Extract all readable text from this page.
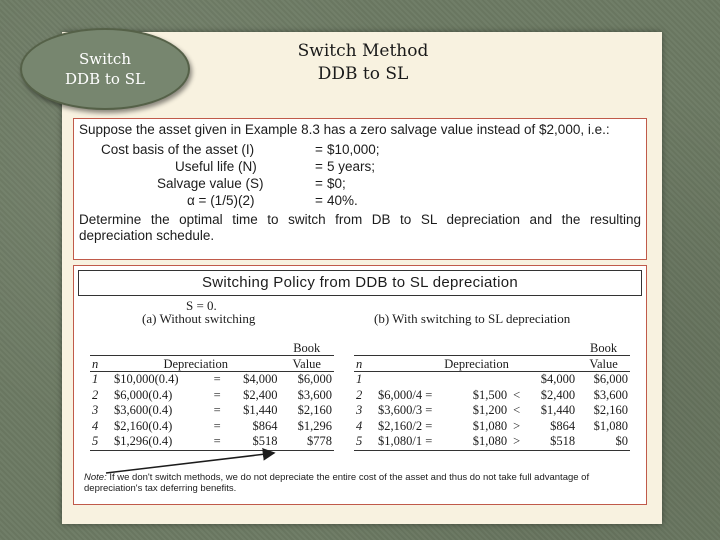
Switch
DDB to SL
Switch Method
DDB to SL
Suppose the asset given in Example 8.3 has a zero salvage value instead of $2,000, i.e.:
Cost basis of the asset (I)	= $10,000;
Useful life (N)	= 5 years;
Salvage value (S)	= $0;
α = (1/5)(2)	= 40%.
Determine the optimal time to switch from DB to SL depreciation and the resulting depreciation schedule.
Switching Policy from DDB to SL depreciation
S = 0.
(a) Without switching	(b) With switching to SL depreciation
				Book
n	Depreciation			Value
1	$10,000(0.4)	=	$4,000	$6,000
2	$6,000(0.4)	=	$2,400	$3,600
3	$3,600(0.4)	=	$1,440	$2,160
4	$2,160(0.4)	=	$864	$1,296
5	$1,296(0.4)	=	$518	$778
					Book
n	Depreciation				Value
1				$4,000	$6,000
2	$6,000/4 =	$1,500	<	$2,400	$3,600
3	$3,600/3 =	$1,200	<	$1,440	$2,160
4	$2,160/2 =	$1,080	>	$864	$1,080
5	$1,080/1 =	$1,080	>	$518	$0
Note: If we don't switch methods, we do not depreciate the entire cost of the asset and thus do not take full advantage of depreciation's tax deferring benefits.
